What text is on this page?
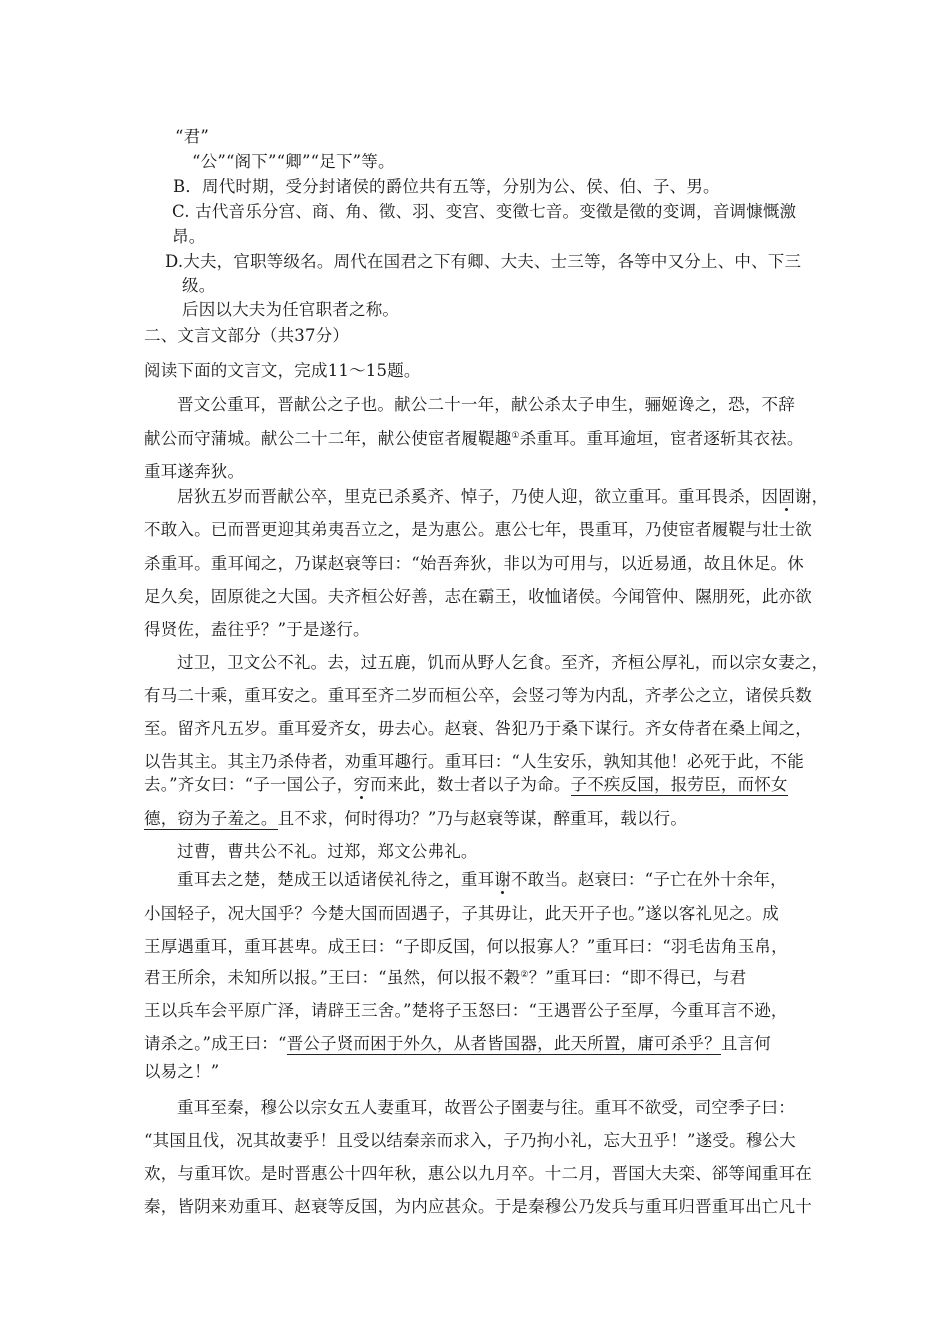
“君”
“公”“阁下”“卿”“足下”等。
B．周代时期，受分封诸侯的爵位共有五等，分别为公、侯、伯、子、男。
C. 古代音乐分宫、商、角、徵、羽、变宫、变徵七音。变徵是徵的变调，音调慷慨激
昂。
D.大夫，官职等级名。周代在国君之下有卿、大夫、士三等，各等中又分上、中、下三
级。
后因以大夫为任官职者之称。
二、文言文部分（共37分）
阅读下面的文言文，完成11～15题。
晋文公重耳，晋献公之子也。献公二十一年，献公杀太子申生，骊姬谗之，恐，不辞
献公而守蒲城。献公二十二年，献公使宦者履鞮趣①杀重耳。重耳逾垣，宦者逐斩其衣祛。
重耳遂奔狄。
居狄五岁而晋献公卒，里克已杀奚齐、悼子，乃使人迎，欲立重耳。重耳畏杀，因固谢，
不敢入。已而晋更迎其弟夷吾立之，是为惠公。惠公七年，畏重耳，乃使宦者履鞮与壮士欲
杀重耳。重耳闻之，乃谋赵衰等曰：“始吾奔狄，非以为可用与，以近易通，故且休足。休
足久矣，固原徙之大国。夫齐桓公好善，志在霸王，收恤诸侯。今闻管仲、隰朋死，此亦欲
得贤佐，盍往乎？”于是遂行。
过卫，卫文公不礼。去，过五鹿，饥而从野人乞食。至齐，齐桓公厚礼，而以宗女妻之，
有马二十乘，重耳安之。重耳至齐二岁而桓公卒，会竖刁等为内乱，齐孝公之立，诸侯兵数
至。留齐凡五岁。重耳爱齐女，毋去心。赵衰、咎犯乃于桑下谋行。齐女侍者在桑上闻之，
以告其主。其主乃杀侍者，劝重耳趣行。重耳曰：“人生安乐，孰知其他！必死于此，不能
去。”齐女曰：“子一国公子，穷而来此，数士者以子为命。子不疾反国，报劳臣，而怀女
德，窃为子羞之。且不求，何时得功？”乃与赵衰等谋，醉重耳，载以行。
过曹，曹共公不礼。过郑，郑文公弗礼。
重耳去之楚，楚成王以适诸侯礼待之，重耳谢不敢当。赵衰曰：“子亡在外十余年，
小国轻子，况大国乎？今楚大国而固遇子，子其毋让，此天开子也。”遂以客礼见之。成
王厚遇重耳，重耳甚卑。成王曰：“子即反国，何以报寡人？”重耳曰：“羽毛齿角玉帛，
君王所余，未知所以报。”王曰：“虽然，何以报不穀②？”重耳曰：“即不得已，与君
王以兵车会平原广泽，请辟王三舍。”楚将子玉怒曰：“王遇晋公子至厚，今重耳言不逊，
请杀之。”成王曰：“晋公子贤而困于外久，从者皆国器，此天所置，庸可杀乎？且言何
以易之！”
重耳至秦，穆公以宗女五人妻重耳，故晋公子圉妻与往。重耳不欲受，司空季子曰：
“其国且伐，况其故妻乎！且受以结秦亲而求入，子乃拘小礼，忘大丑乎！”遂受。穆公大
欢，与重耳饮。是时晋惠公十四年秋，惠公以九月卒。十二月，晋国大夫栾、郤等闻重耳在
秦，皆阴来劝重耳、赵衰等反国，为内应甚众。于是秦穆公乃发兵与重耳归晋重耳出亡凡十
